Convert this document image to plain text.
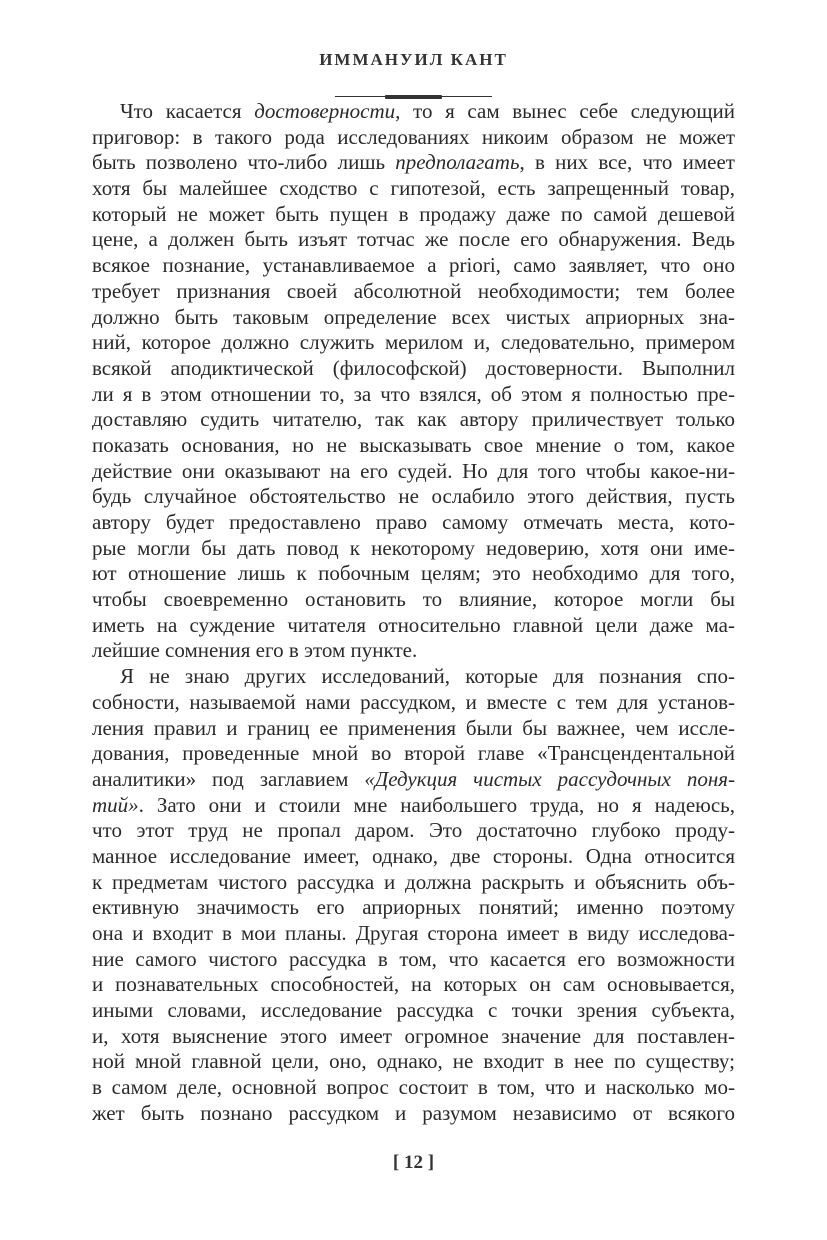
ИММАНУИЛ КАНТ
Что касается достоверности, то я сам вынес себе следующий
приговор: в такого рода исследованиях никоим образом не может
быть позволено что-либо лишь предполагать, в них все, что имеет
хотя бы малейшее сходство с гипотезой, есть запрещенный товар,
который не может быть пущен в продажу даже по самой дешевой
цене, а должен быть изъят тотчас же после его обнаружения. Ведь
всякое познание, устанавливаемое a priori, само заявляет, что оно
требует признания своей абсолютной необходимости; тем более
должно быть таковым определение всех чистых априорных зна-
ний, которое должно служить мерилом и, следовательно, примером
всякой аподиктической (философской) достоверности. Выполнил
ли я в этом отношении то, за что взялся, об этом я полностью пре-
доставляю судить читателю, так как автору приличествует только
показать основания, но не высказывать свое мнение о том, какое
действие они оказывают на его судей. Но для того чтобы какое-ни-
будь случайное обстоятельство не ослабило этого действия, пусть
автору будет предоставлено право самому отмечать места, кото-
рые могли бы дать повод к некоторому недоверию, хотя они име-
ют отношение лишь к побочным целям; это необходимо для того,
чтобы своевременно остановить то влияние, которое могли бы
иметь на суждение читателя относительно главной цели даже ма-
лейшие сомнения его в этом пункте.
Я не знаю других исследований, которые для познания спо-
собности, называемой нами рассудком, и вместе с тем для установ-
ления правил и границ ее применения были бы важнее, чем иссле-
дования, проведенные мной во второй главе «Трансцендентальной
аналитики» под заглавием «Дедукция чистых рассудочных поня-
тий». Зато они и стоили мне наибольшего труда, но я надеюсь,
что этот труд не пропал даром. Это достаточно глубоко проду-
манное исследование имеет, однако, две стороны. Одна относится
к предметам чистого рассудка и должна раскрыть и объяснить объ-
ективную значимость его априорных понятий; именно поэтому
она и входит в мои планы. Другая сторона имеет в виду исследова-
ние самого чистого рассудка в том, что касается его возможности
и познавательных способностей, на которых он сам основывается,
иными словами, исследование рассудка с точки зрения субъекта,
и, хотя выяснение этого имеет огромное значение для поставлен-
ной мной главной цели, оно, однако, не входит в нее по существу;
в самом деле, основной вопрос состоит в том, что и насколько мо-
жет быть познано рассудком и разумом независимо от всякого
[ 12 ]
